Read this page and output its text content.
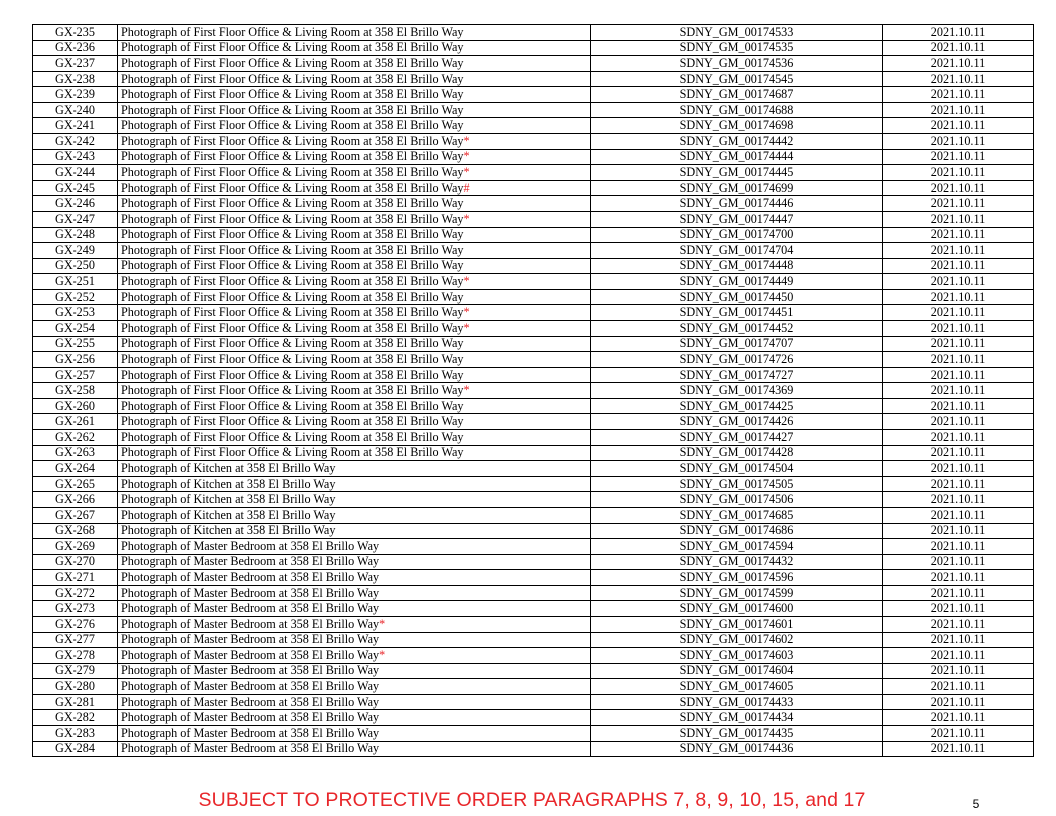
GX-235	Photograph of First Floor Office & Living Room at 358 El Brillo Way	SDNY_GM_00174533	2021.10.11
GX-236	Photograph of First Floor Office & Living Room at 358 El Brillo Way	SDNY_GM_00174535	2021.10.11
GX-237	Photograph of First Floor Office & Living Room at 358 El Brillo Way	SDNY_GM_00174536	2021.10.11
GX-238	Photograph of First Floor Office & Living Room at 358 El Brillo Way	SDNY_GM_00174545	2021.10.11
GX-239	Photograph of First Floor Office & Living Room at 358 El Brillo Way	SDNY_GM_00174687	2021.10.11
GX-240	Photograph of First Floor Office & Living Room at 358 El Brillo Way	SDNY_GM_00174688	2021.10.11
GX-241	Photograph of First Floor Office & Living Room at 358 El Brillo Way	SDNY_GM_00174698	2021.10.11
GX-242	Photograph of First Floor Office & Living Room at 358 El Brillo Way*	SDNY_GM_00174442	2021.10.11
GX-243	Photograph of First Floor Office & Living Room at 358 El Brillo Way*	SDNY_GM_00174444	2021.10.11
GX-244	Photograph of First Floor Office & Living Room at 358 El Brillo Way*	SDNY_GM_00174445	2021.10.11
GX-245	Photograph of First Floor Office & Living Room at 358 El Brillo Way#	SDNY_GM_00174699	2021.10.11
GX-246	Photograph of First Floor Office & Living Room at 358 El Brillo Way	SDNY_GM_00174446	2021.10.11
GX-247	Photograph of First Floor Office & Living Room at 358 El Brillo Way*	SDNY_GM_00174447	2021.10.11
GX-248	Photograph of First Floor Office & Living Room at 358 El Brillo Way	SDNY_GM_00174700	2021.10.11
GX-249	Photograph of First Floor Office & Living Room at 358 El Brillo Way	SDNY_GM_00174704	2021.10.11
GX-250	Photograph of First Floor Office & Living Room at 358 El Brillo Way	SDNY_GM_00174448	2021.10.11
GX-251	Photograph of First Floor Office & Living Room at 358 El Brillo Way*	SDNY_GM_00174449	2021.10.11
GX-252	Photograph of First Floor Office & Living Room at 358 El Brillo Way	SDNY_GM_00174450	2021.10.11
GX-253	Photograph of First Floor Office & Living Room at 358 El Brillo Way*	SDNY_GM_00174451	2021.10.11
GX-254	Photograph of First Floor Office & Living Room at 358 El Brillo Way*	SDNY_GM_00174452	2021.10.11
GX-255	Photograph of First Floor Office & Living Room at 358 El Brillo Way	SDNY_GM_00174707	2021.10.11
GX-256	Photograph of First Floor Office & Living Room at 358 El Brillo Way	SDNY_GM_00174726	2021.10.11
GX-257	Photograph of First Floor Office & Living Room at 358 El Brillo Way	SDNY_GM_00174727	2021.10.11
GX-258	Photograph of First Floor Office & Living Room at 358 El Brillo Way*	SDNY_GM_00174369	2021.10.11
GX-260	Photograph of First Floor Office & Living Room at 358 El Brillo Way	SDNY_GM_00174425	2021.10.11
GX-261	Photograph of First Floor Office & Living Room at 358 El Brillo Way	SDNY_GM_00174426	2021.10.11
GX-262	Photograph of First Floor Office & Living Room at 358 El Brillo Way	SDNY_GM_00174427	2021.10.11
GX-263	Photograph of First Floor Office & Living Room at 358 El Brillo Way	SDNY_GM_00174428	2021.10.11
GX-264	Photograph of Kitchen at 358 El Brillo Way	SDNY_GM_00174504	2021.10.11
GX-265	Photograph of Kitchen at 358 El Brillo Way	SDNY_GM_00174505	2021.10.11
GX-266	Photograph of Kitchen at 358 El Brillo Way	SDNY_GM_00174506	2021.10.11
GX-267	Photograph of Kitchen at 358 El Brillo Way	SDNY_GM_00174685	2021.10.11
GX-268	Photograph of Kitchen at 358 El Brillo Way	SDNY_GM_00174686	2021.10.11
GX-269	Photograph of Master Bedroom at 358 El Brillo Way	SDNY_GM_00174594	2021.10.11
GX-270	Photograph of Master Bedroom at 358 El Brillo Way	SDNY_GM_00174432	2021.10.11
GX-271	Photograph of Master Bedroom at 358 El Brillo Way	SDNY_GM_00174596	2021.10.11
GX-272	Photograph of Master Bedroom at 358 El Brillo Way	SDNY_GM_00174599	2021.10.11
GX-273	Photograph of Master Bedroom at 358 El Brillo Way	SDNY_GM_00174600	2021.10.11
GX-276	Photograph of Master Bedroom at 358 El Brillo Way*	SDNY_GM_00174601	2021.10.11
GX-277	Photograph of Master Bedroom at 358 El Brillo Way	SDNY_GM_00174602	2021.10.11
GX-278	Photograph of Master Bedroom at 358 El Brillo Way*	SDNY_GM_00174603	2021.10.11
GX-279	Photograph of Master Bedroom at 358 El Brillo Way	SDNY_GM_00174604	2021.10.11
GX-280	Photograph of Master Bedroom at 358 El Brillo Way	SDNY_GM_00174605	2021.10.11
GX-281	Photograph of Master Bedroom at 358 El Brillo Way	SDNY_GM_00174433	2021.10.11
GX-282	Photograph of Master Bedroom at 358 El Brillo Way	SDNY_GM_00174434	2021.10.11
GX-283	Photograph of Master Bedroom at 358 El Brillo Way	SDNY_GM_00174435	2021.10.11
GX-284	Photograph of Master Bedroom at 358 El Brillo Way	SDNY_GM_00174436	2021.10.11
SUBJECT TO PROTECTIVE ORDER PARAGRAPHS 7, 8, 9, 10, 15, and 17	5
